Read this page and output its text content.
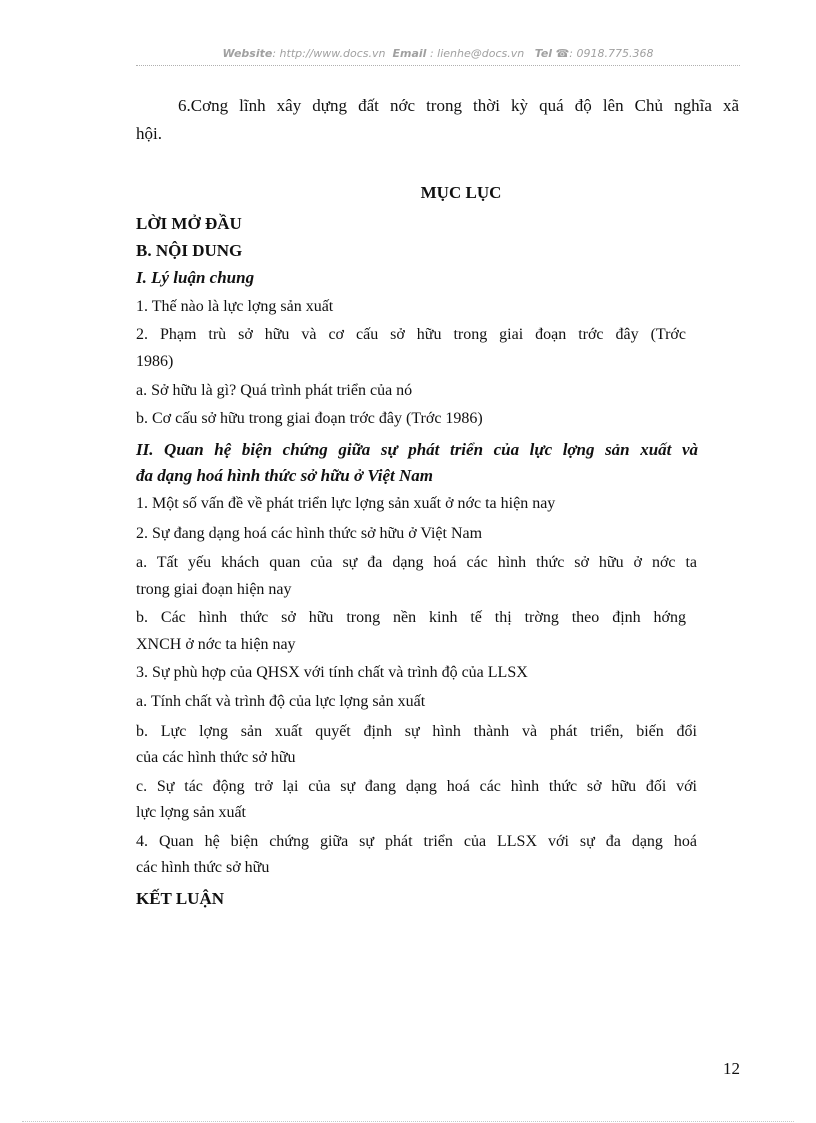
Website: http://www.docs.vn Email : lienhe@docs.vn Tel ☎: 0918.775.368
6.Cơng lĩnh xây dựng đất nớc trong thời kỳ quá độ lên Chủ nghĩa xã
hội.
MỤC LỤC
LỜI MỞ ĐẦU
B. NỘI DUNG
I. Lý luận chung
1. Thế nào là lực lợng sản xuất
2. Phạm trù sở hữu và cơ cấu sở hữu trong giai đoạn trớc đây (Trớc
1986)
a. Sở hữu là gì? Quá trình phát triển của nó
b. Cơ cấu sở hữu trong giai đoạn trớc đây (Trớc 1986)
II. Quan hệ biện chứng giữa sự phát triển của lực lợng sản xuất và
đa dạng hoá hình thức sở hữu ở Việt Nam
1. Một số vấn đề về phát triển lực lợng sản xuất ở nớc ta hiện nay
2. Sự đang dạng hoá các hình thức sở hữu ở Việt Nam
a. Tất yếu khách quan của sự đa dạng hoá các hình thức sở hữu ở nớc ta
trong giai đoạn hiện nay
b. Các hình thức sở hữu trong nền kinh tế thị trờng theo định hớng
XNCH ở nớc ta hiện nay
3. Sự phù hợp của QHSX với tính chất và trình độ của LLSX
a. Tính chất và trình độ của lực lợng sản xuất
b. Lực lợng sản xuất quyết định sự hình thành và phát triển, biến đổi
của các hình thức sở hữu
c. Sự tác động trở lại của sự đang dạng hoá các hình thức sở hữu đối với
lực lợng sản xuất
4. Quan hệ biện chứng giữa sự phát triển của LLSX với sự đa dạng hoá
các hình thức sở hữu
KẾT LUẬN
12
